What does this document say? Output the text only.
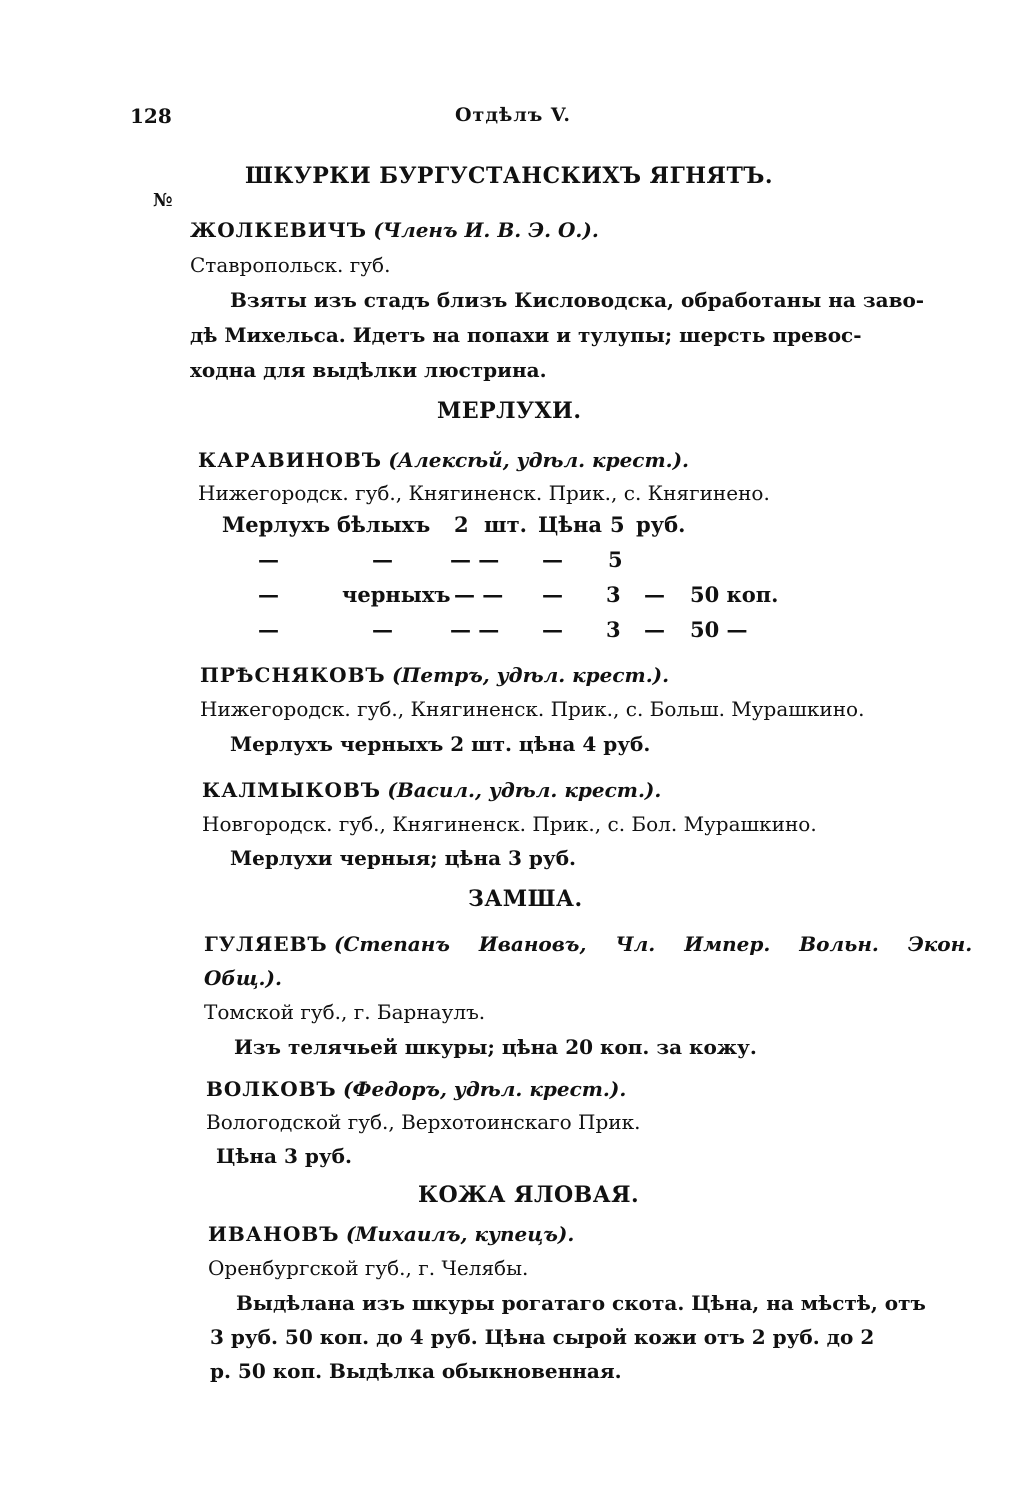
128	Отдѣлъ V.
ШКУРКИ БУРГУСТАНСКИХЪ ЯГНЯТЪ.
№
ЖОЛКЕВИЧЪ (Членъ И. В. Э. О.).
Ставропольск. губ.
Взяты изъ стадъ близъ Кисловодска, обработаны на заво-
дѣ Михельса. Идетъ на попахи и тулупы; шерсть превос-
ходна для выдѣлки люстрина.
МЕРЛУХИ.
КАРАВИНОВЪ (Алексѣй, удѣл. крест.).
Нижегородск. губ., Княгиненск. Прик., с. Княгинено.
Мерлухъ бѣлыхъ 2 шт. Цѣна 5 руб.
—	—	— — — 5
—	черныхъ — — — 3 — 50 коп.
—	—	— — — 3 — 50 —
ПРѢСНЯКОВЪ (Петръ, удѣл. крест.).
Нижегородск. губ., Княгиненск. Прик., с. Больш. Мурашкино.
Мерлухъ черныхъ 2 шт. цѣна 4 руб.
КАЛМЫКОВЪ (Васил., удѣл. крест.).
Новгородск. губ., Княгиненск. Прик., с. Бол. Мурашкино.
Мерлухи черныя; цѣна 3 руб.
ЗАМША.
ГУЛЯЕВЪ (Степанъ Ивановъ, Чл. Импер. Вольн. Экон.
Общ.).
Томской губ., г. Барнаулъ.
Изъ телячьей шкуры; цѣна 20 коп. за кожу.
ВОЛКОВЪ (Федоръ, удѣл. крест.).
Вологодской губ., Верхотоинскаго Прик.
Цѣна 3 руб.
КОЖА ЯЛОВАЯ.
ИВАНОВЪ (Михаилъ, купецъ).
Оренбургской губ., г. Челябы.
Выдѣлана изъ шкуры рогатаго скота. Цѣна, на мѣстѣ, отъ
3 руб. 50 коп. до 4 руб. Цѣна сырой кожи отъ 2 руб. до 2
р. 50 коп. Выдѣлка обыкновенная.
